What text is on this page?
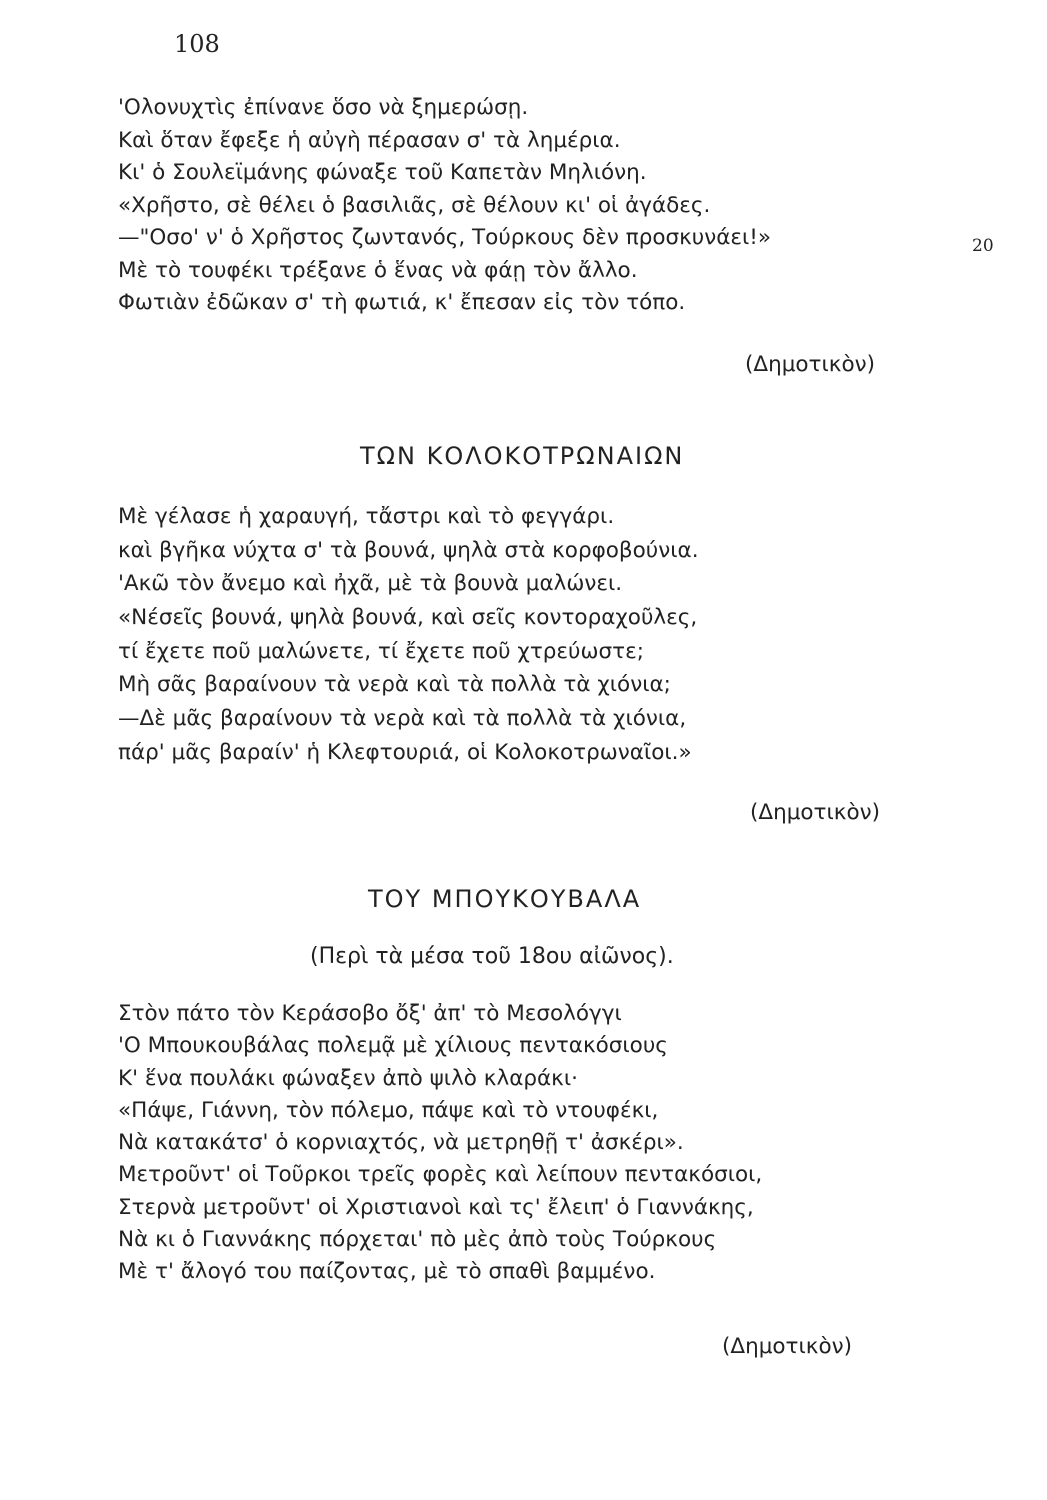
108
20
'Ολονυχτὶς ἐπίνανε ὅσο νὰ ξημερώσῃ.
Καὶ ὅταν ἔφεξε ἡ αὐγὴ πέρασαν σ' τὰ λημέρια.
Κι' ὁ Σουλεϊμάνης φώναξε τοῦ Καπετὰν Μηλιόνη.
«Χρῆστο, σὲ θέλει ὁ βασιλιᾶς, σὲ θέλουν κι' οἱ ἀγάδες.
—"Οσο' ν' ὁ Χρῆστος ζωντανός, Τούρκους δὲν προσκυνάει!»
Μὲ τὸ τουφέκι τρέξανε ὁ ἕνας νὰ φάῃ τὸν ἄλλο.
Φωτιὰν ἐδῶκαν σ' τὴ φωτιά, κ' ἔπεσαν εἰς τὸν τόπο.
(Δημοτικὸν)
ΤΩΝ ΚΟΛΟΚΟΤΡΩΝΑΙΩΝ
Μὲ γέλασε ἡ χαραυγή, τἄστρι καὶ τὸ φεγγάρι.
καὶ βγῆκα νύχτα σ' τὰ βουνά, ψηλὰ στὰ κορφοβούνια.
'Ακῶ τὸν ἄνεμο καὶ ἠχᾶ, μὲ τὰ βουνὰ μαλώνει.
«Νέσεῖς βουνά, ψηλὰ βουνά, καὶ σεῖς κοντοραχοῦλες,
τί ἔχετε ποῦ μαλώνετε, τί ἔχετε ποῦ χτρεύωστε;
Μὴ σᾶς βαραίνουν τὰ νερὰ καὶ τὰ πολλὰ τὰ χιόνια;
—Δὲ μᾶς βαραίνουν τὰ νερὰ καὶ τὰ πολλὰ τὰ χιόνια,
πάρ' μᾶς βαραίν' ἡ Κλεφτουριά, οἱ Κολοκοτρωναῖοι.»
(Δημοτικὸν)
ΤΟΥ ΜΠΟΥΚΟΥΒΑΛΑ
(Περὶ τὰ μέσα τοῦ 18ου αἰῶνος).
Στὸν πάτο τὸν Κεράσοβο ὄξ' ἀπ' τὸ Μεσολόγγι
'Ο Μπουκουβάλας πολεμᾷ μὲ χίλιους πεντακόσιους
Κ' ἕνα πουλάκι φώναξεν ἀπὸ ψιλὸ κλαράκι·
«Πάψε, Γιάννη, τὸν πόλεμο, πάψε καὶ τὸ ντουφέκι,
Νὰ κατακάτσ' ὁ κορνιαχτός, νὰ μετρηθῇ τ' ἀσκέρι».
Μετροῦντ' οἱ Τοῦρκοι τρεῖς φορὲς καὶ λείπουν πεντακόσιοι,
Στερνὰ μετροῦντ' οἱ Χριστιανοὶ καὶ τς' ἔλειπ' ὁ Γιαννάκης,
Νὰ κι ὁ Γιαννάκης πόρχεται' πὸ μὲς ἀπὸ τοὺς Τούρκους
Μὲ τ' ἄλογό του παίζοντας, μὲ τὸ σπαθὶ βαμμένο.
(Δημοτικὸν)
